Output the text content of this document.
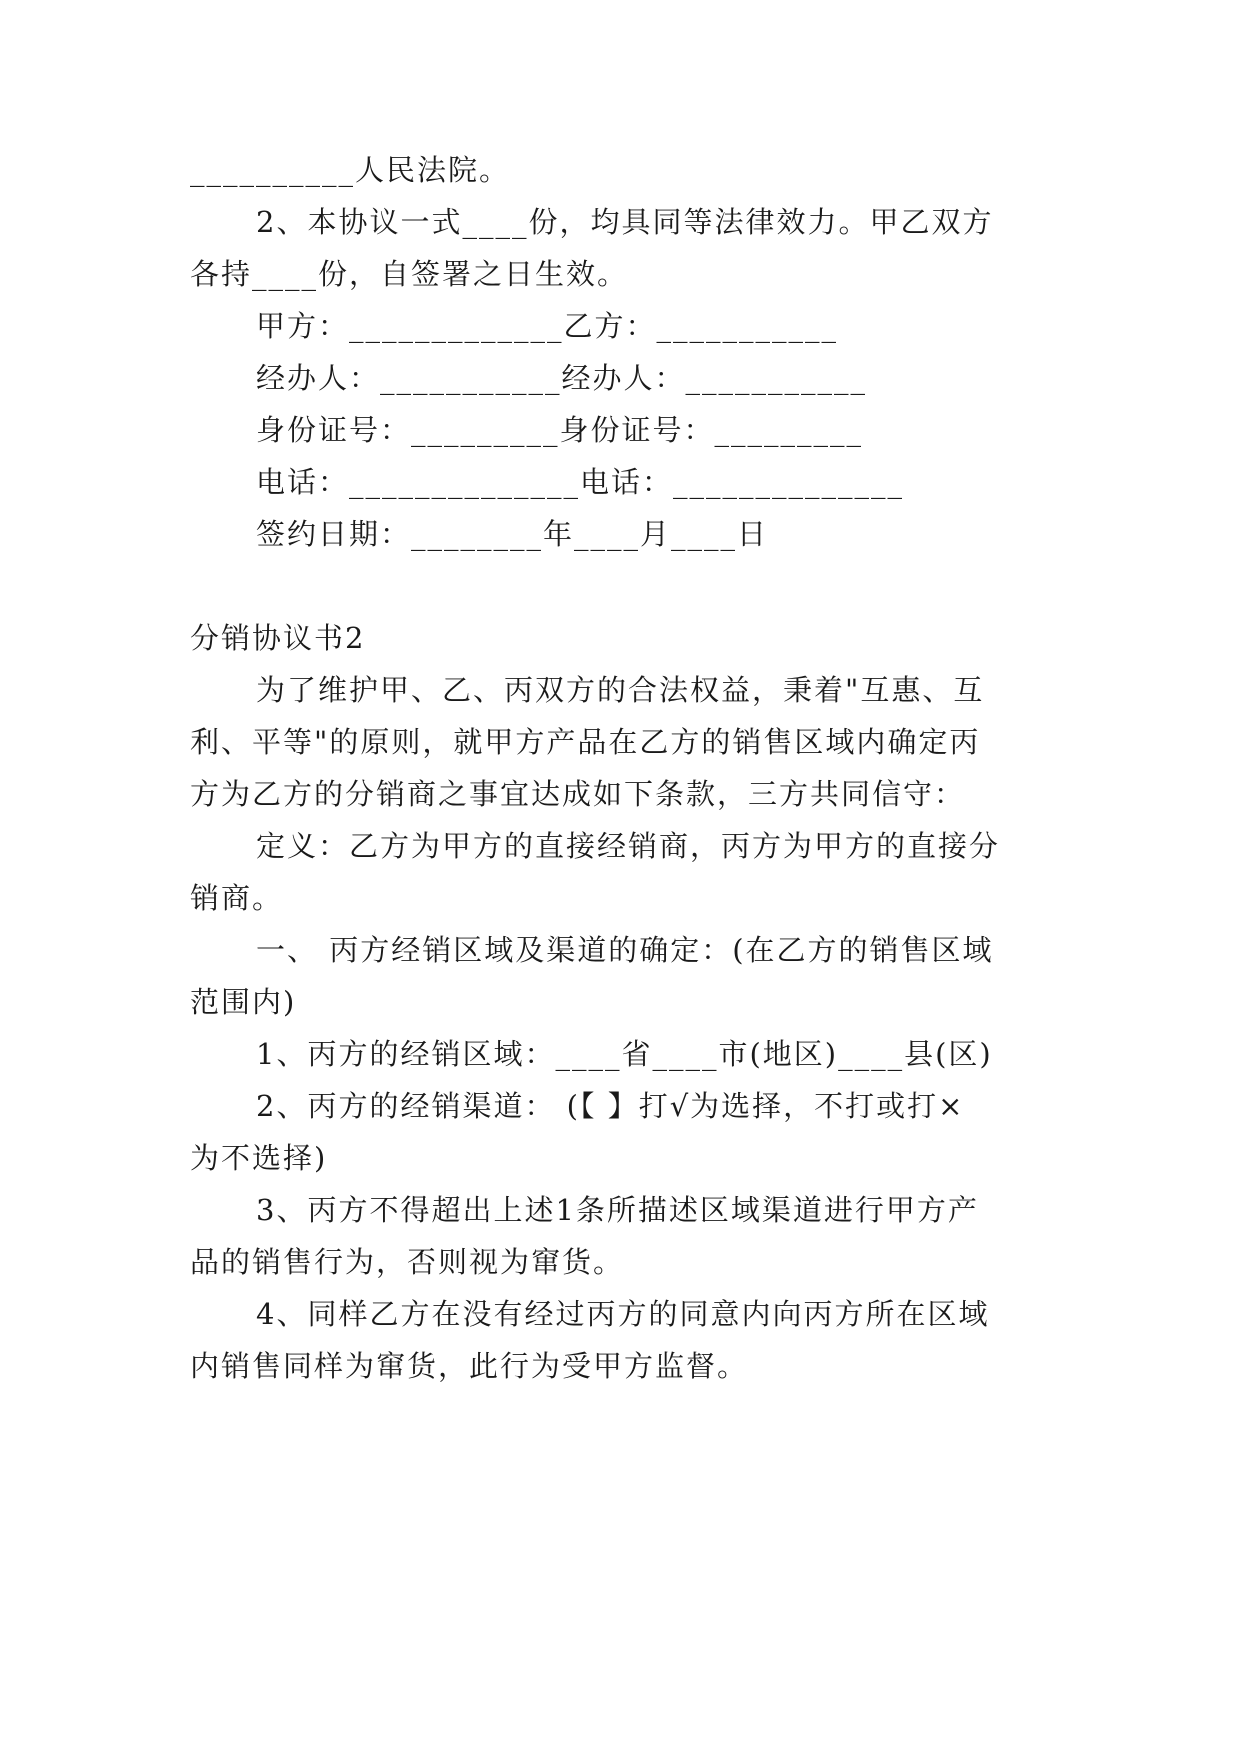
__________人民法院。
2、本协议一式____份，均具同等法律效力。甲乙双方
各持____份，自签署之日生效。
甲方：_____________乙方：___________
经办人：___________经办人：___________
身份证号：_________身份证号：_________
电话：______________电话：______________
签约日期：________年____月____日
分销协议书2
为了维护甲、乙、丙双方的合法权益，秉着"互惠、互
利、平等"的原则，就甲方产品在乙方的销售区域内确定丙
方为乙方的分销商之事宜达成如下条款，三方共同信守：
定义：乙方为甲方的直接经销商，丙方为甲方的直接分
销商。
一、 丙方经销区域及渠道的确定：(在乙方的销售区域
范围内)
1、丙方的经销区域：____省____市(地区)____县(区)
2、丙方的经销渠道： (【 】打√为选择，不打或打×
为不选择)
3、丙方不得超出上述1条所描述区域渠道进行甲方产
品的销售行为，否则视为窜货。
4、同样乙方在没有经过丙方的同意内向丙方所在区域
内销售同样为窜货，此行为受甲方监督。
